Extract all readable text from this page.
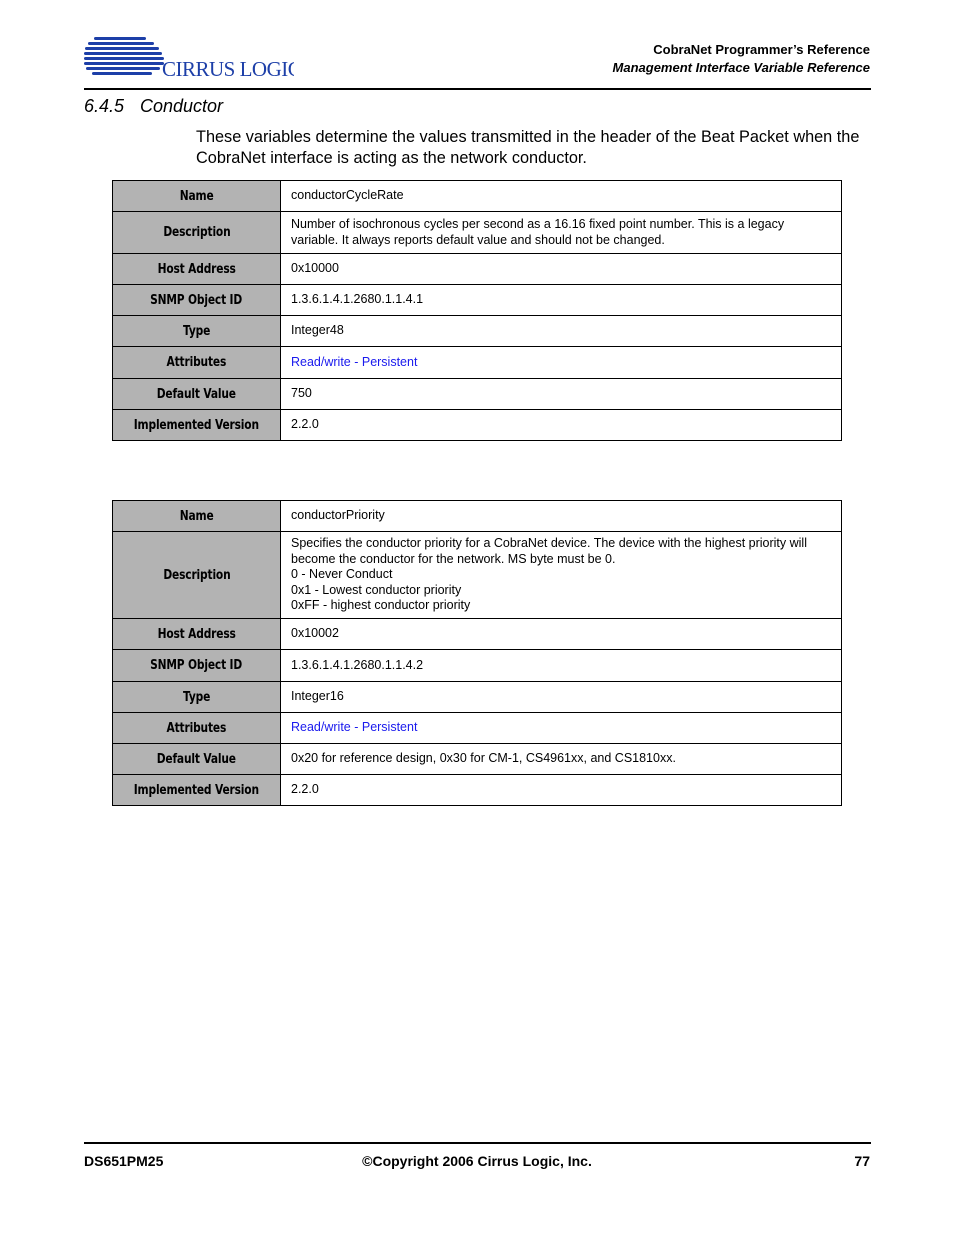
CIRRUS LOGIC
CobraNet Programmer’s Reference
Management Interface Variable Reference
6.4.5 Conductor
These variables determine the values transmitted in the header of the Beat Packet when the CobraNet interface is acting as the network conductor.
Name	conductorCycleRate
Description	Number of isochronous cycles per second as a 16.16 fixed point number. This is a legacy variable. It always reports default value and should not be changed.

Host Address	0x10000
SNMP Object ID	1.3.6.1.4.1.2680.1.1.4.1
Type	Integer48
Attributes	Read/write - Persistent
Default Value	750
Implemented Version	2.2.0
Name	conductorPriority
Description	Specifies the conductor priority for a CobraNet device. The device with the highest priority will become the conductor for the network. MS byte must be 0.
0 - Never Conduct
0x1 - Lowest conductor priority
0xFF - highest conductor priority

Host Address	0x10002
SNMP Object ID	1.3.6.1.4.1.2680.1.1.4.2
Type	Integer16
Attributes	Read/write - Persistent
Default Value	0x20 for reference design, 0x30 for CM-1, CS4961xx, and CS1810xx.
Implemented Version	2.2.0
DS651PM25	©Copyright 2006 Cirrus Logic, Inc.	77
